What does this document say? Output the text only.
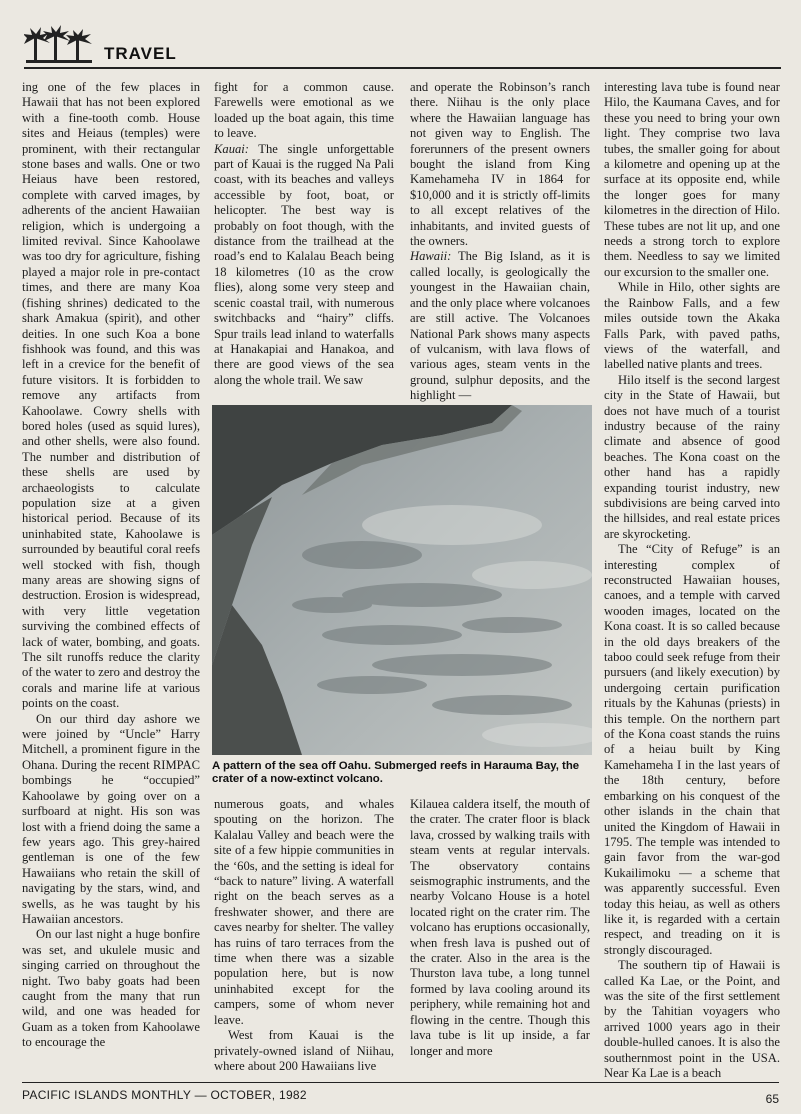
TRAVEL

ing one of the few places in Hawaii that has not been explored with a fine-tooth comb. House sites and Heiaus (temples) were prominent, with their rectangular stone bases and walls. One or two Heiaus have been restored, complete with carved images, by adherents of the ancient Hawaiian religion, which is undergoing a limited revival. Since Kahoolawe was too dry for agriculture, fishing played a major role in pre-contact times, and there are many Koa (fishing shrines) dedicated to the shark Amakua (spirit), and other deities. In one such Koa a bone fishhook was found, and this was left in a crevice for the benefit of future visitors. It is forbidden to remove any artifacts from Kahoolawe. Cowry shells with bored holes (used as squid lures), and other shells, were also found. The number and distribution of these shells are used by archaeologists to calculate population size at a given historical period. Because of its uninhabited state, Kahoolawe is surrounded by beautiful coral reefs well stocked with fish, though many areas are showing signs of destruction. Erosion is widespread, with very little vegetation surviving the combined effects of lack of water, bombing, and goats. The silt runoffs reduce the clarity of the water to zero and destroy the corals and marine life at various points on the coast.

On our third day ashore we were joined by “Uncle” Harry Mitchell, a prominent figure in the Ohana. During the recent RIMPAC bombings he “occupied” Kahoolawe by going over on a surfboard at night. His son was lost with a friend doing the same a few years ago. This grey-haired gentleman is one of the few Hawaiians who retain the skill of navigating by the stars, wind, and swells, as he was taught by his Hawaiian ancestors.

On our last night a huge bonfire was set, and ukulele music and singing carried on throughout the night. Two baby goats had been caught from the many that run wild, and one was headed for Guam as a token from Kahoolawe to encourage the

fight for a common cause. Farewells were emotional as we loaded up the boat again, this time to leave.

Kauai: The single unforgettable part of Kauai is the rugged Na Pali coast, with its beaches and valleys accessible by foot, boat, or helicopter. The best way is probably on foot though, with the distance from the trailhead at the road’s end to Kalalau Beach being 18 kilometres (10 as the crow flies), along some very steep and scenic coastal trail, with numerous switchbacks and “hairy” cliffs. Spur trails lead inland to waterfalls at Hanakapiai and Hanakoa, and there are good views of the sea along the whole trail. We saw

and operate the Robinson’s ranch there. Niihau is the only place where the Hawaiian language has not given way to English. The forerunners of the present owners bought the island from King Kamehameha IV in 1864 for $10,000 and it is strictly off-limits to all except relatives of the inhabitants, and invited guests of the owners.

Hawaii: The Big Island, as it is called locally, is geologically the youngest in the Hawaiian chain, and the only place where volcanoes are still active. The Volcanoes National Park shows many aspects of vulcanism, with lava flows of various ages, steam vents in the ground, sulphur deposits, and the highlight —

interesting lava tube is found near Hilo, the Kaumana Caves, and for these you need to bring your own light. They comprise two lava tubes, the smaller going for about a kilometre and opening up at the surface at its opposite end, while the longer goes for many kilometres in the direction of Hilo. These tubes are not lit up, and one needs a strong torch to explore them. Needless to say we limited our excursion to the smaller one.

While in Hilo, other sights are the Rainbow Falls, and a few miles outside town the Akaka Falls Park, with paved paths, views of the waterfall, and labelled native plants and trees.

Hilo itself is the second largest city in the State of Hawaii, but does not have much of a tourist industry because of the rainy climate and absence of good beaches. The Kona coast on the other hand has a rapidly expanding tourist industry, new subdivisions are being carved into the hillsides, and real estate prices are skyrocketing.

The “City of Refuge” is an interesting complex of reconstructed Hawaiian houses, canoes, and a temple with carved wooden images, located on the Kona coast. It is so called because in the old days breakers of the taboo could seek refuge from their pursuers (and likely execution) by undergoing certain purification rituals by the Kahunas (priests) in this temple. On the northern part of the Kona coast stands the ruins of a heiau built by King Kamehameha I in the last years of the 18th century, before embarking on his conquest of the other islands in the chain that united the Kingdom of Hawaii in 1795. The temple was intended to gain favor from the war-god Kukailimoku — a scheme that was apparently successful. Even today this heiau, as well as others like it, is regarded with a certain respect, and treading on it is strongly discouraged.

The southern tip of Hawaii is called Ka Lae, or the Point, and was the site of the first settlement by the Tahitian voyagers who arrived 1000 years ago in their double-hulled canoes. It is also the southernmost point in the USA. Near Ka Lae is a beach

A pattern of the sea off Oahu. Submerged reefs in Harauma Bay, the crater of a now-extinct volcano.

numerous goats, and whales spouting on the horizon. The Kalalau Valley and beach were the site of a few hippie communities in the ‘60s, and the setting is ideal for “back to nature” living. A waterfall right on the beach serves as a freshwater shower, and there are caves nearby for shelter. The valley has ruins of taro terraces from the time when there was a sizable population here, but is now uninhabited except for the campers, some of whom never leave.

West from Kauai is the privately-owned island of Niihau, where about 200 Hawaiians live

Kilauea caldera itself, the mouth of the crater. The crater floor is black lava, crossed by walking trails with steam vents at regular intervals. The observatory contains seismographic instruments, and the nearby Volcano House is a hotel located right on the crater rim. The volcano has eruptions occasionally, when fresh lava is pushed out of the crater. Also in the area is the Thurston lava tube, a long tunnel formed by lava cooling around its periphery, while remaining hot and flowing in the centre. Though this lava tube is lit up inside, a far longer and more

PACIFIC ISLANDS MONTHLY — OCTOBER, 1982	65
